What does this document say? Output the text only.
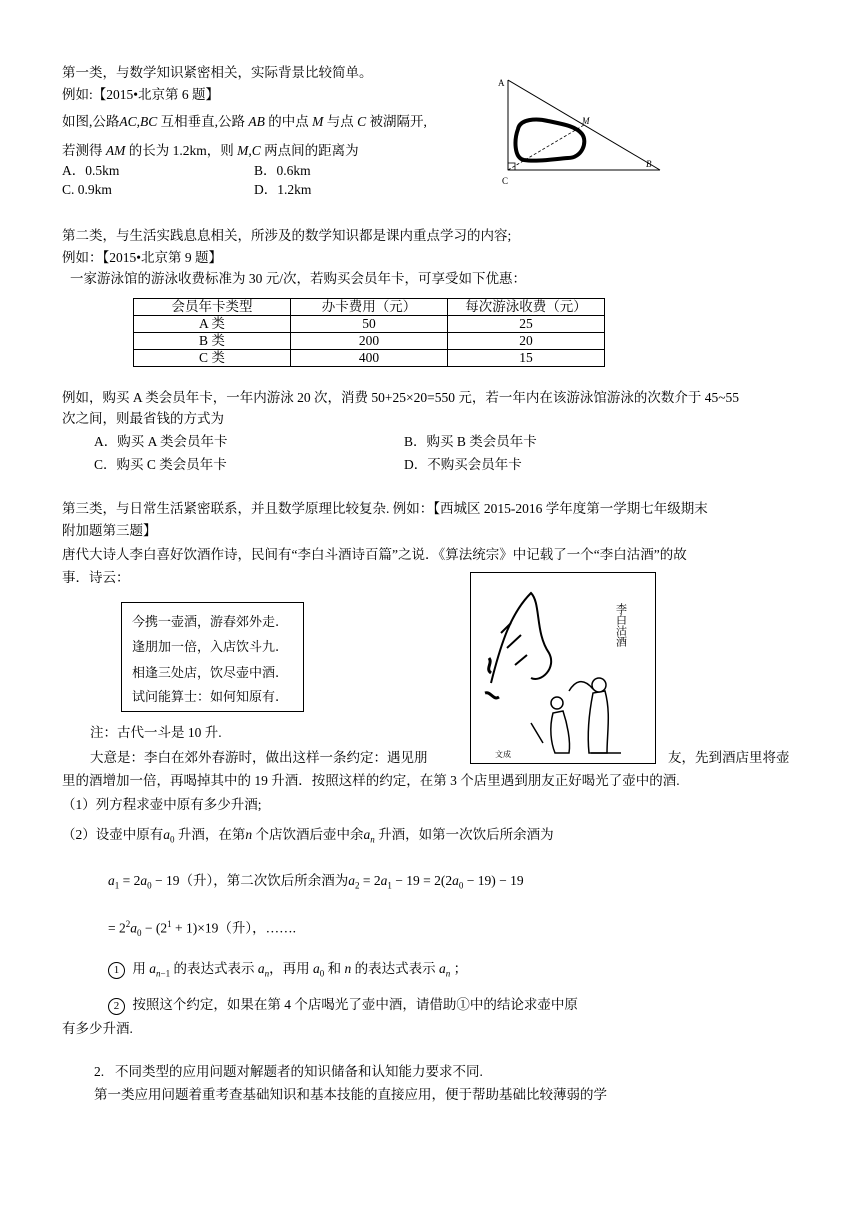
第一类，与数学知识紧密相关，实际背景比较简单。
例如:【2015•北京第 6 题】
如图,公路AC,BC 互相垂直,公路 AB 的中点 M 与点 C 被湖隔开,
若测得 AM 的长为 1.2km，则 M,C 两点间的距离为
A．0.5km	B．0.6km
C. 0.9km	D．1.2km
A
M
B
C
第二类，与生活实践息息相关，所涉及的数学知识都是课内重点学习的内容;
例如：【2015•北京第 9 题】
一家游泳馆的游泳收费标准为 30 元/次，若购买会员年卡，可享受如下优惠：
会员年卡类型	办卡费用（元）	每次游泳收费（元）
A 类	50	25
B 类	200	20
C 类	400	15
例如，购买 A 类会员年卡，一年内游泳 20 次，消费 50+25×20=550 元，若一年内在该游泳馆游泳的次数介于 45~55
次之间，则最省钱的方式为
A．购买 A 类会员年卡	B．购买 B 类会员年卡
C．购买 C 类会员年卡	D．不购买会员年卡
第三类，与日常生活紧密联系，并且数学原理比较复杂. 例如：【西城区 2015-2016 学年度第一学期七年级期末
附加题第三题】
唐代大诗人李白喜好饮酒作诗，民间有“李白斗酒诗百篇”之说．《算法统宗》中记载了一个“李白沽酒”的故
事．诗云：
今携一壶酒，游春郊外走.
逢朋加一倍，入店饮斗九.
相逢三处店，饮尽壶中酒.
试问能算士：如何知原有.
李白沽酒
文成
注：古代一斗是 10 升.
大意是：李白在郊外春游时，做出这样一条约定：遇见朋	友，先到酒店里将壶
里的酒增加一倍，再喝掉其中的 19 升酒．按照这样的约定，在第 3 个店里遇到朋友正好喝光了壶中的酒.
（1）列方程求壶中原有多少升酒;
（2）设壶中原有$a_0$ 升酒，在第n 个店饮酒后壶中余$a_n$ 升酒，如第一次饮后所余酒为
$a_1 = 2a_0 - 19$（升），第二次饮后所余酒为$a_2 = 2a_1 - 19 = 2(2a_0 - 19) - 19$
= $2^2a_0 - (2^1 + 1)\times 19$（升），…….
1 用 $a_{n-1}$ 的表达式表示 $a_n$，再用 $a_0$ 和 n 的表达式表示 $a_n$ ；
2 按照这个约定，如果在第 4 个店喝光了壶中酒，请借助①中的结论求壶中原
有多少升酒.
2. 不同类型的应用问题对解题者的知识储备和认知能力要求不同.
第一类应用问题着重考查基础知识和基本技能的直接应用，便于帮助基础比较薄弱的学
